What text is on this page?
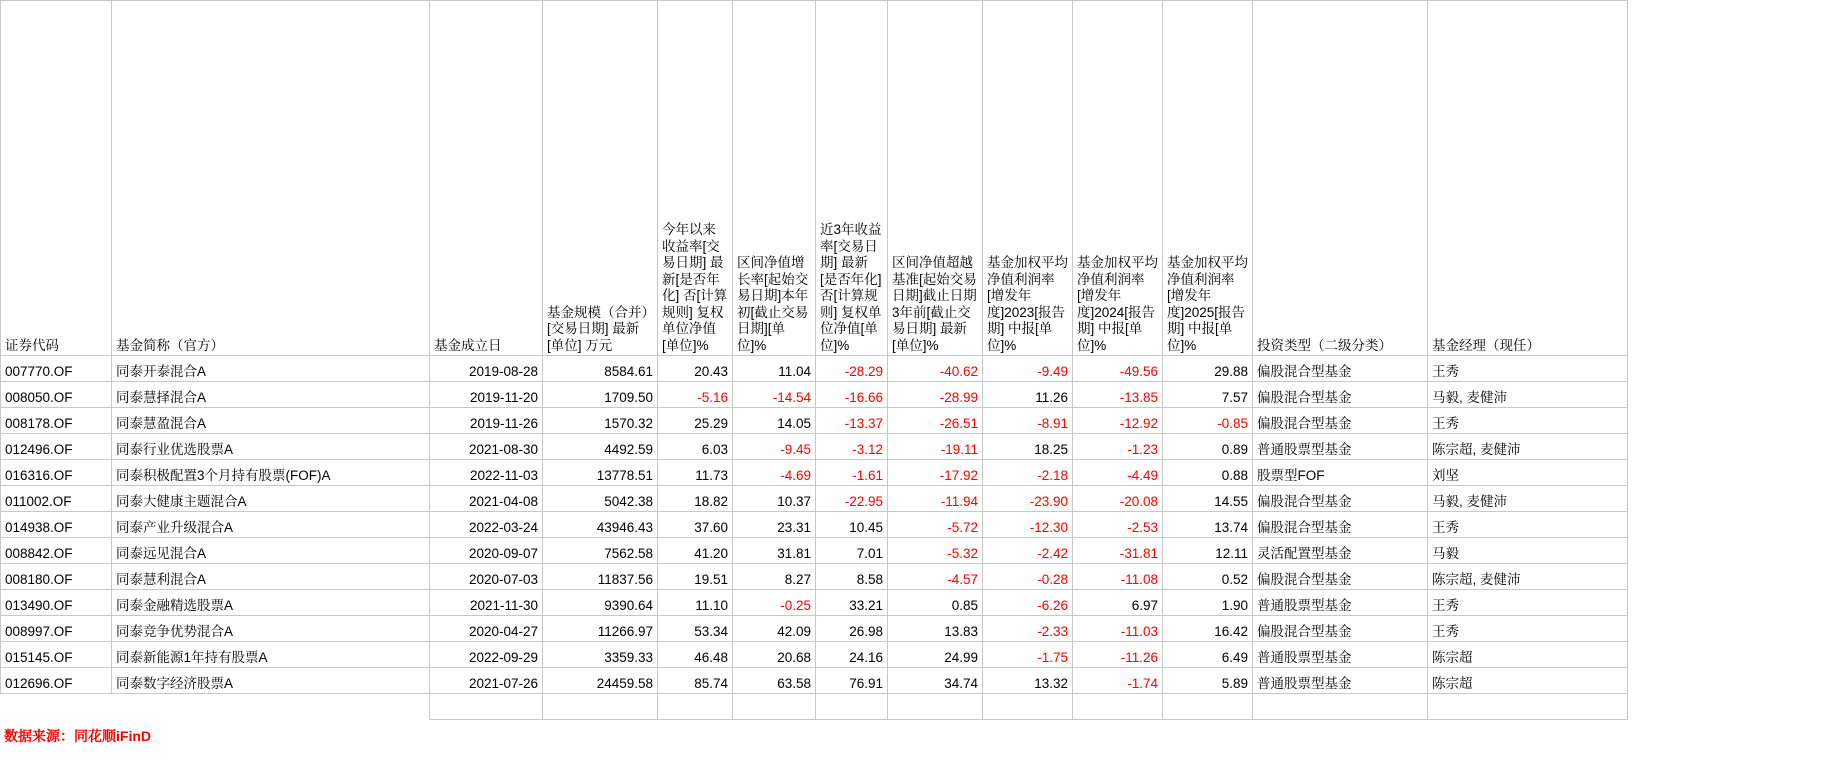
证券代码	基金简称（官方）	基金成立日	基金规模（合并）[交易日期] 最新[单位] 万元	今年以来收益率[交易日期] 最新[是否年化] 否[计算规则] 复权单位净值[单位]%	区间净值增长率[起始交易日期]本年初[截止交易日期][单位]%	近3年收益率[交易日期] 最新[是否年化] 否[计算规则] 复权单位净值[单位]%	区间净值超越基准[起始交易日期]截止日期3年前[截止交易日期] 最新[单位]%	基金加权平均净值利润率[增发年度]2023[报告期] 中报[单位]%	基金加权平均净值利润率[增发年度]2024[报告期] 中报[单位]%	基金加权平均净值利润率[增发年度]2025[报告期] 中报[单位]%	投资类型（二级分类）	基金经理（现任）
007770.OF	同泰开泰混合A	2019-08-28	8584.61	20.43	11.04	-28.29	-40.62	-9.49	-49.56	29.88	偏股混合型基金	王秀
008050.OF	同泰慧择混合A	2019-11-20	1709.50	-5.16	-14.54	-16.66	-28.99	11.26	-13.85	7.57	偏股混合型基金	马毅, 麦健沛
008178.OF	同泰慧盈混合A	2019-11-26	1570.32	25.29	14.05	-13.37	-26.51	-8.91	-12.92	-0.85	偏股混合型基金	王秀
012496.OF	同泰行业优选股票A	2021-08-30	4492.59	6.03	-9.45	-3.12	-19.11	18.25	-1.23	0.89	普通股票型基金	陈宗超, 麦健沛
016316.OF	同泰积极配置3个月持有股票(FOF)A	2022-11-03	13778.51	11.73	-4.69	-1.61	-17.92	-2.18	-4.49	0.88	股票型FOF	刘坚
011002.OF	同泰大健康主题混合A	2021-04-08	5042.38	18.82	10.37	-22.95	-11.94	-23.90	-20.08	14.55	偏股混合型基金	马毅, 麦健沛
014938.OF	同泰产业升级混合A	2022-03-24	43946.43	37.60	23.31	10.45	-5.72	-12.30	-2.53	13.74	偏股混合型基金	王秀
008842.OF	同泰远见混合A	2020-09-07	7562.58	41.20	31.81	7.01	-5.32	-2.42	-31.81	12.11	灵活配置型基金	马毅
008180.OF	同泰慧利混合A	2020-07-03	11837.56	19.51	8.27	8.58	-4.57	-0.28	-11.08	0.52	偏股混合型基金	陈宗超, 麦健沛
013490.OF	同泰金融精选股票A	2021-11-30	9390.64	11.10	-0.25	33.21	0.85	-6.26	6.97	1.90	普通股票型基金	王秀
008997.OF	同泰竞争优势混合A	2020-04-27	11266.97	53.34	42.09	26.98	13.83	-2.33	-11.03	16.42	偏股混合型基金	王秀
015145.OF	同泰新能源1年持有股票A	2022-09-29	3359.33	46.48	20.68	24.16	24.99	-1.75	-11.26	6.49	普通股票型基金	陈宗超
012696.OF	同泰数字经济股票A	2021-07-26	24459.58	85.74	63.58	76.91	34.74	13.32	-1.74	5.89	普通股票型基金	陈宗超

数据来源：同花顺iFinD
